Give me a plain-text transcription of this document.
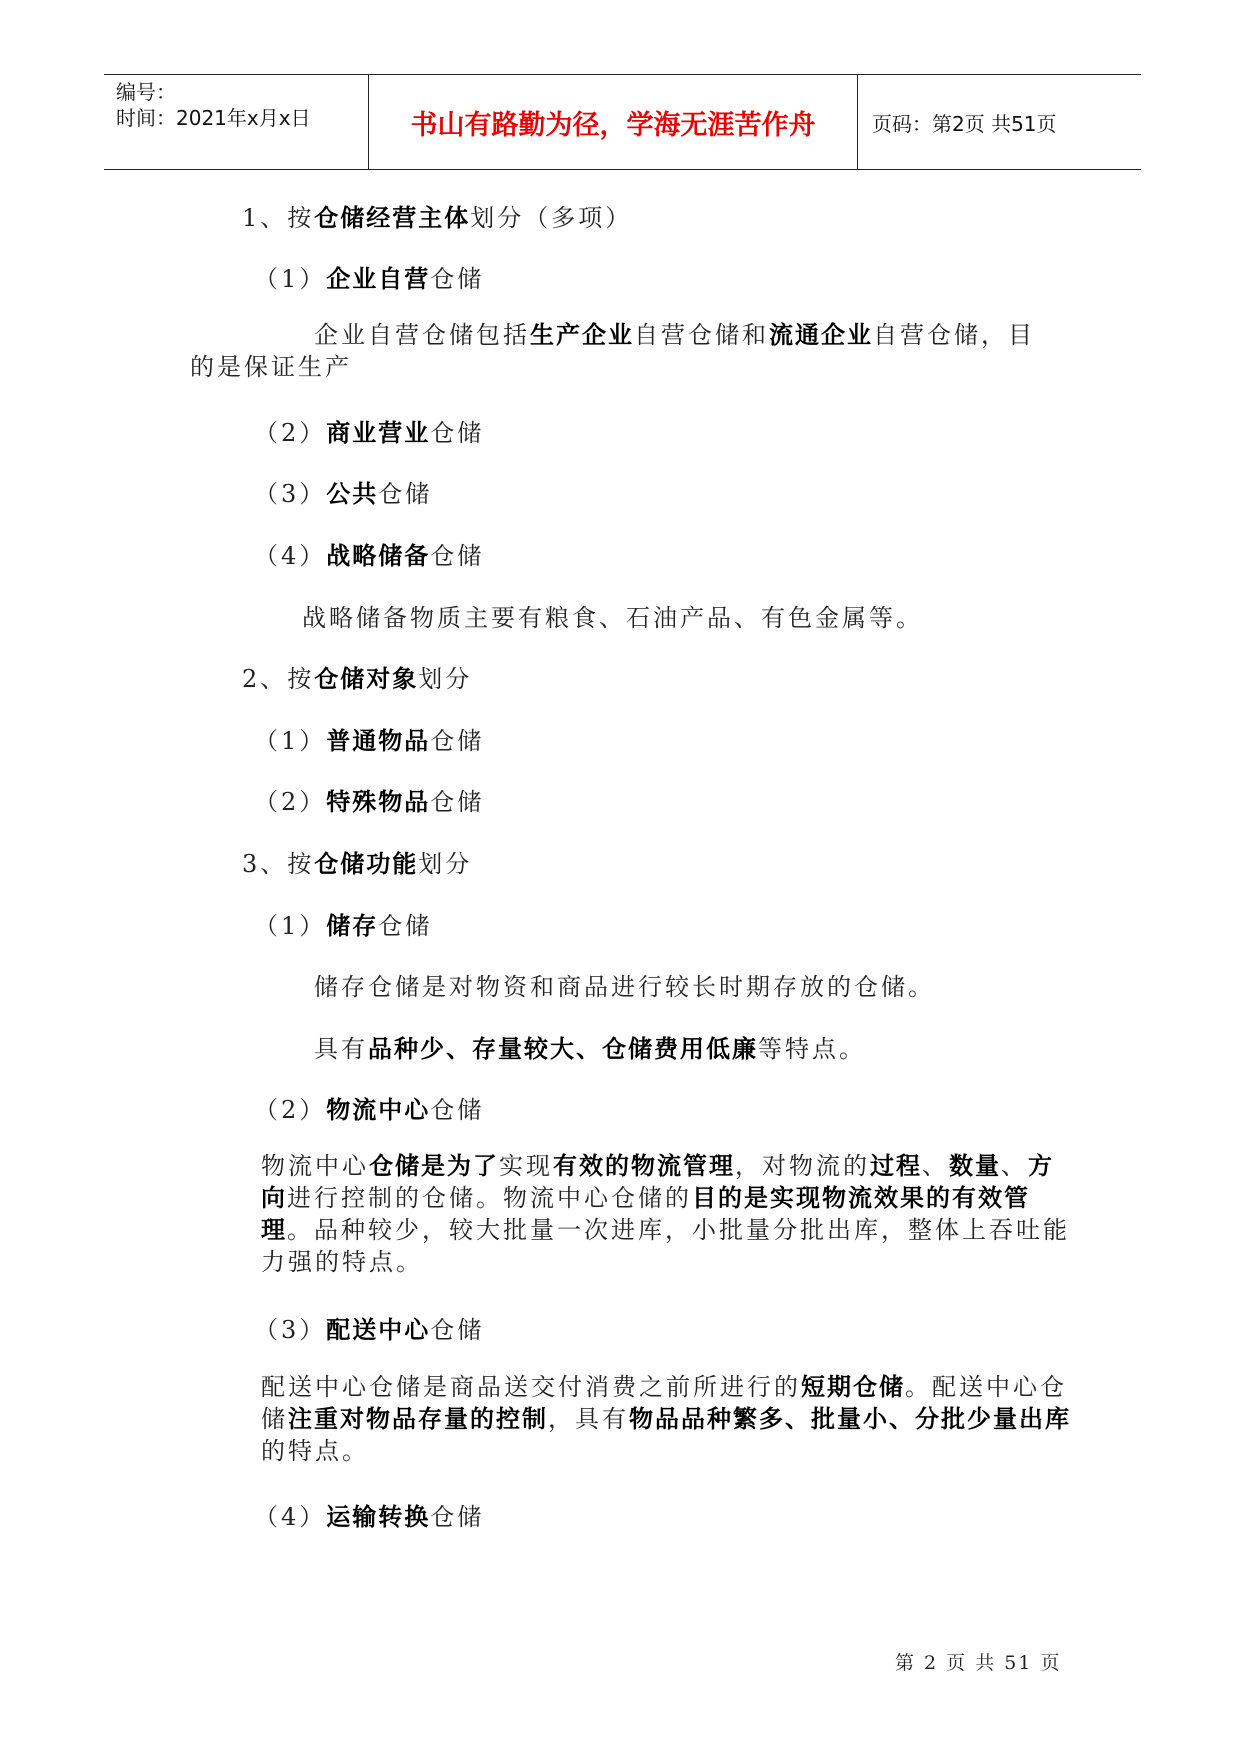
编号：
时间：2021年x月x日	书山有路勤为径，学海无涯苦作舟	页码：第2页 共51页
1、按仓储经营主体划分（多项）
（1）企业自营仓储
企业自营仓储包括生产企业自营仓储和流通企业自营仓储，目的是保证生产
（2）商业营业仓储
（3）公共仓储
（4）战略储备仓储
战略储备物质主要有粮食、石油产品、有色金属等。
2、按仓储对象划分
（1）普通物品仓储
（2）特殊物品仓储
3、按仓储功能划分
（1）储存仓储
储存仓储是对物资和商品进行较长时期存放的仓储。
具有品种少、存量较大、仓储费用低廉等特点。
（2）物流中心仓储
物流中心仓储是为了实现有效的物流管理，对物流的过程、数量、方向进行控制的仓储。物流中心仓储的目的是实现物流效果的有效管理。品种较少，较大批量一次进库，小批量分批出库，整体上吞吐能力强的特点。
（3）配送中心仓储
配送中心仓储是商品送交付消费之前所进行的短期仓储。配送中心仓储注重对物品存量的控制，具有物品品种繁多、批量小、分批少量出库的特点。
（4）运输转换仓储
第 2 页 共 51 页
